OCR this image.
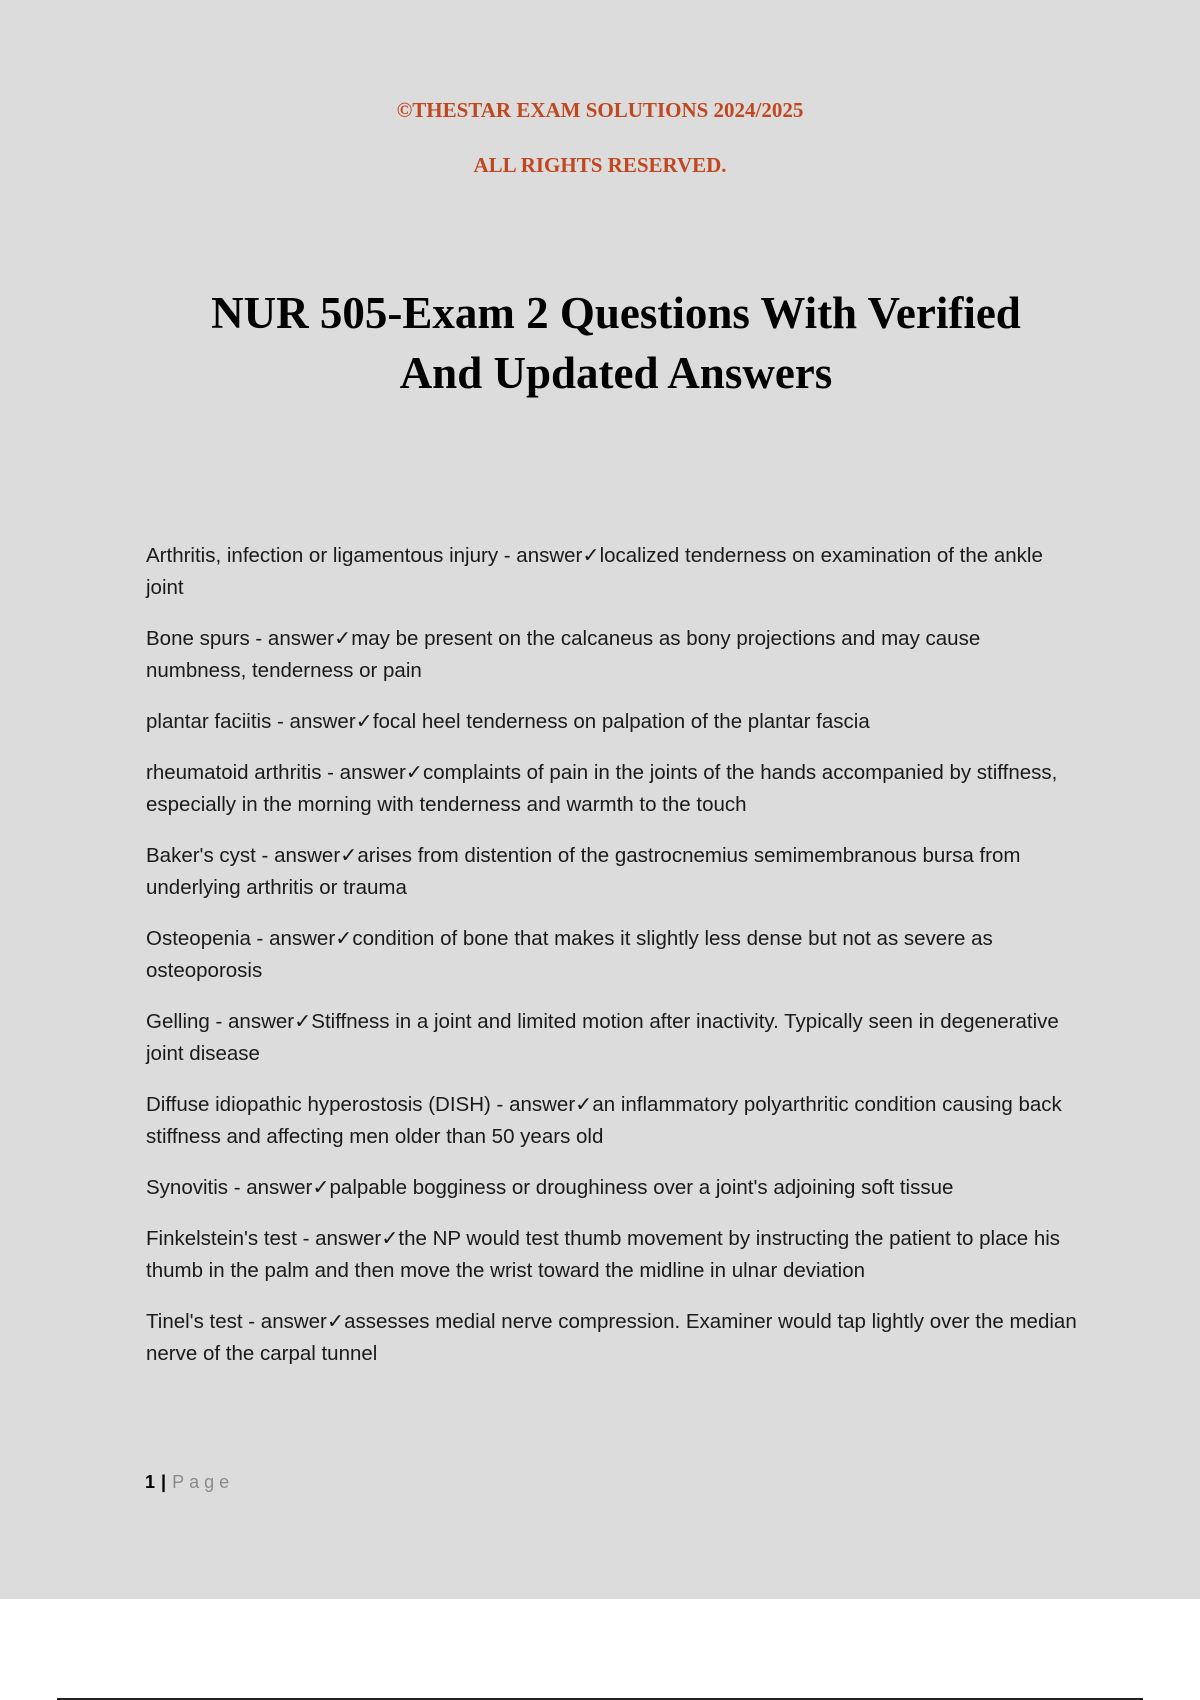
©THESTAR EXAM SOLUTIONS 2024/2025

ALL RIGHTS RESERVED.

NUR 505-Exam 2 Questions With Verified
And Updated Answers
Arthritis, infection or ligamentous injury - answer✓localized tenderness on examination of the ankle joint
Bone spurs - answer✓may be present on the calcaneus as bony projections and may cause numbness, tenderness or pain
plantar faciitis - answer✓focal heel tenderness on palpation of the plantar fascia
rheumatoid arthritis - answer✓complaints of pain in the joints of the hands accompanied by stiffness, especially in the morning with tenderness and warmth to the touch
Baker's cyst - answer✓arises from distention of the gastrocnemius semimembranous bursa from underlying arthritis or trauma
Osteopenia - answer✓condition of bone that makes it slightly less dense but not as severe as osteoporosis
Gelling - answer✓Stiffness in a joint and limited motion after inactivity. Typically seen in degenerative joint disease
Diffuse idiopathic hyperostosis (DISH) - answer✓an inflammatory polyarthritic condition causing back stiffness and affecting men older than 50 years old
Synovitis - answer✓palpable bogginess or droughiness over a joint's adjoining soft tissue
Finkelstein's test - answer✓the NP would test thumb movement by instructing the patient to place his thumb in the palm and then move the wrist toward the midline in ulnar deviation
Tinel's test - answer✓assesses medial nerve compression. Examiner would tap lightly over the median nerve of the carpal tunnel

1 | Page
